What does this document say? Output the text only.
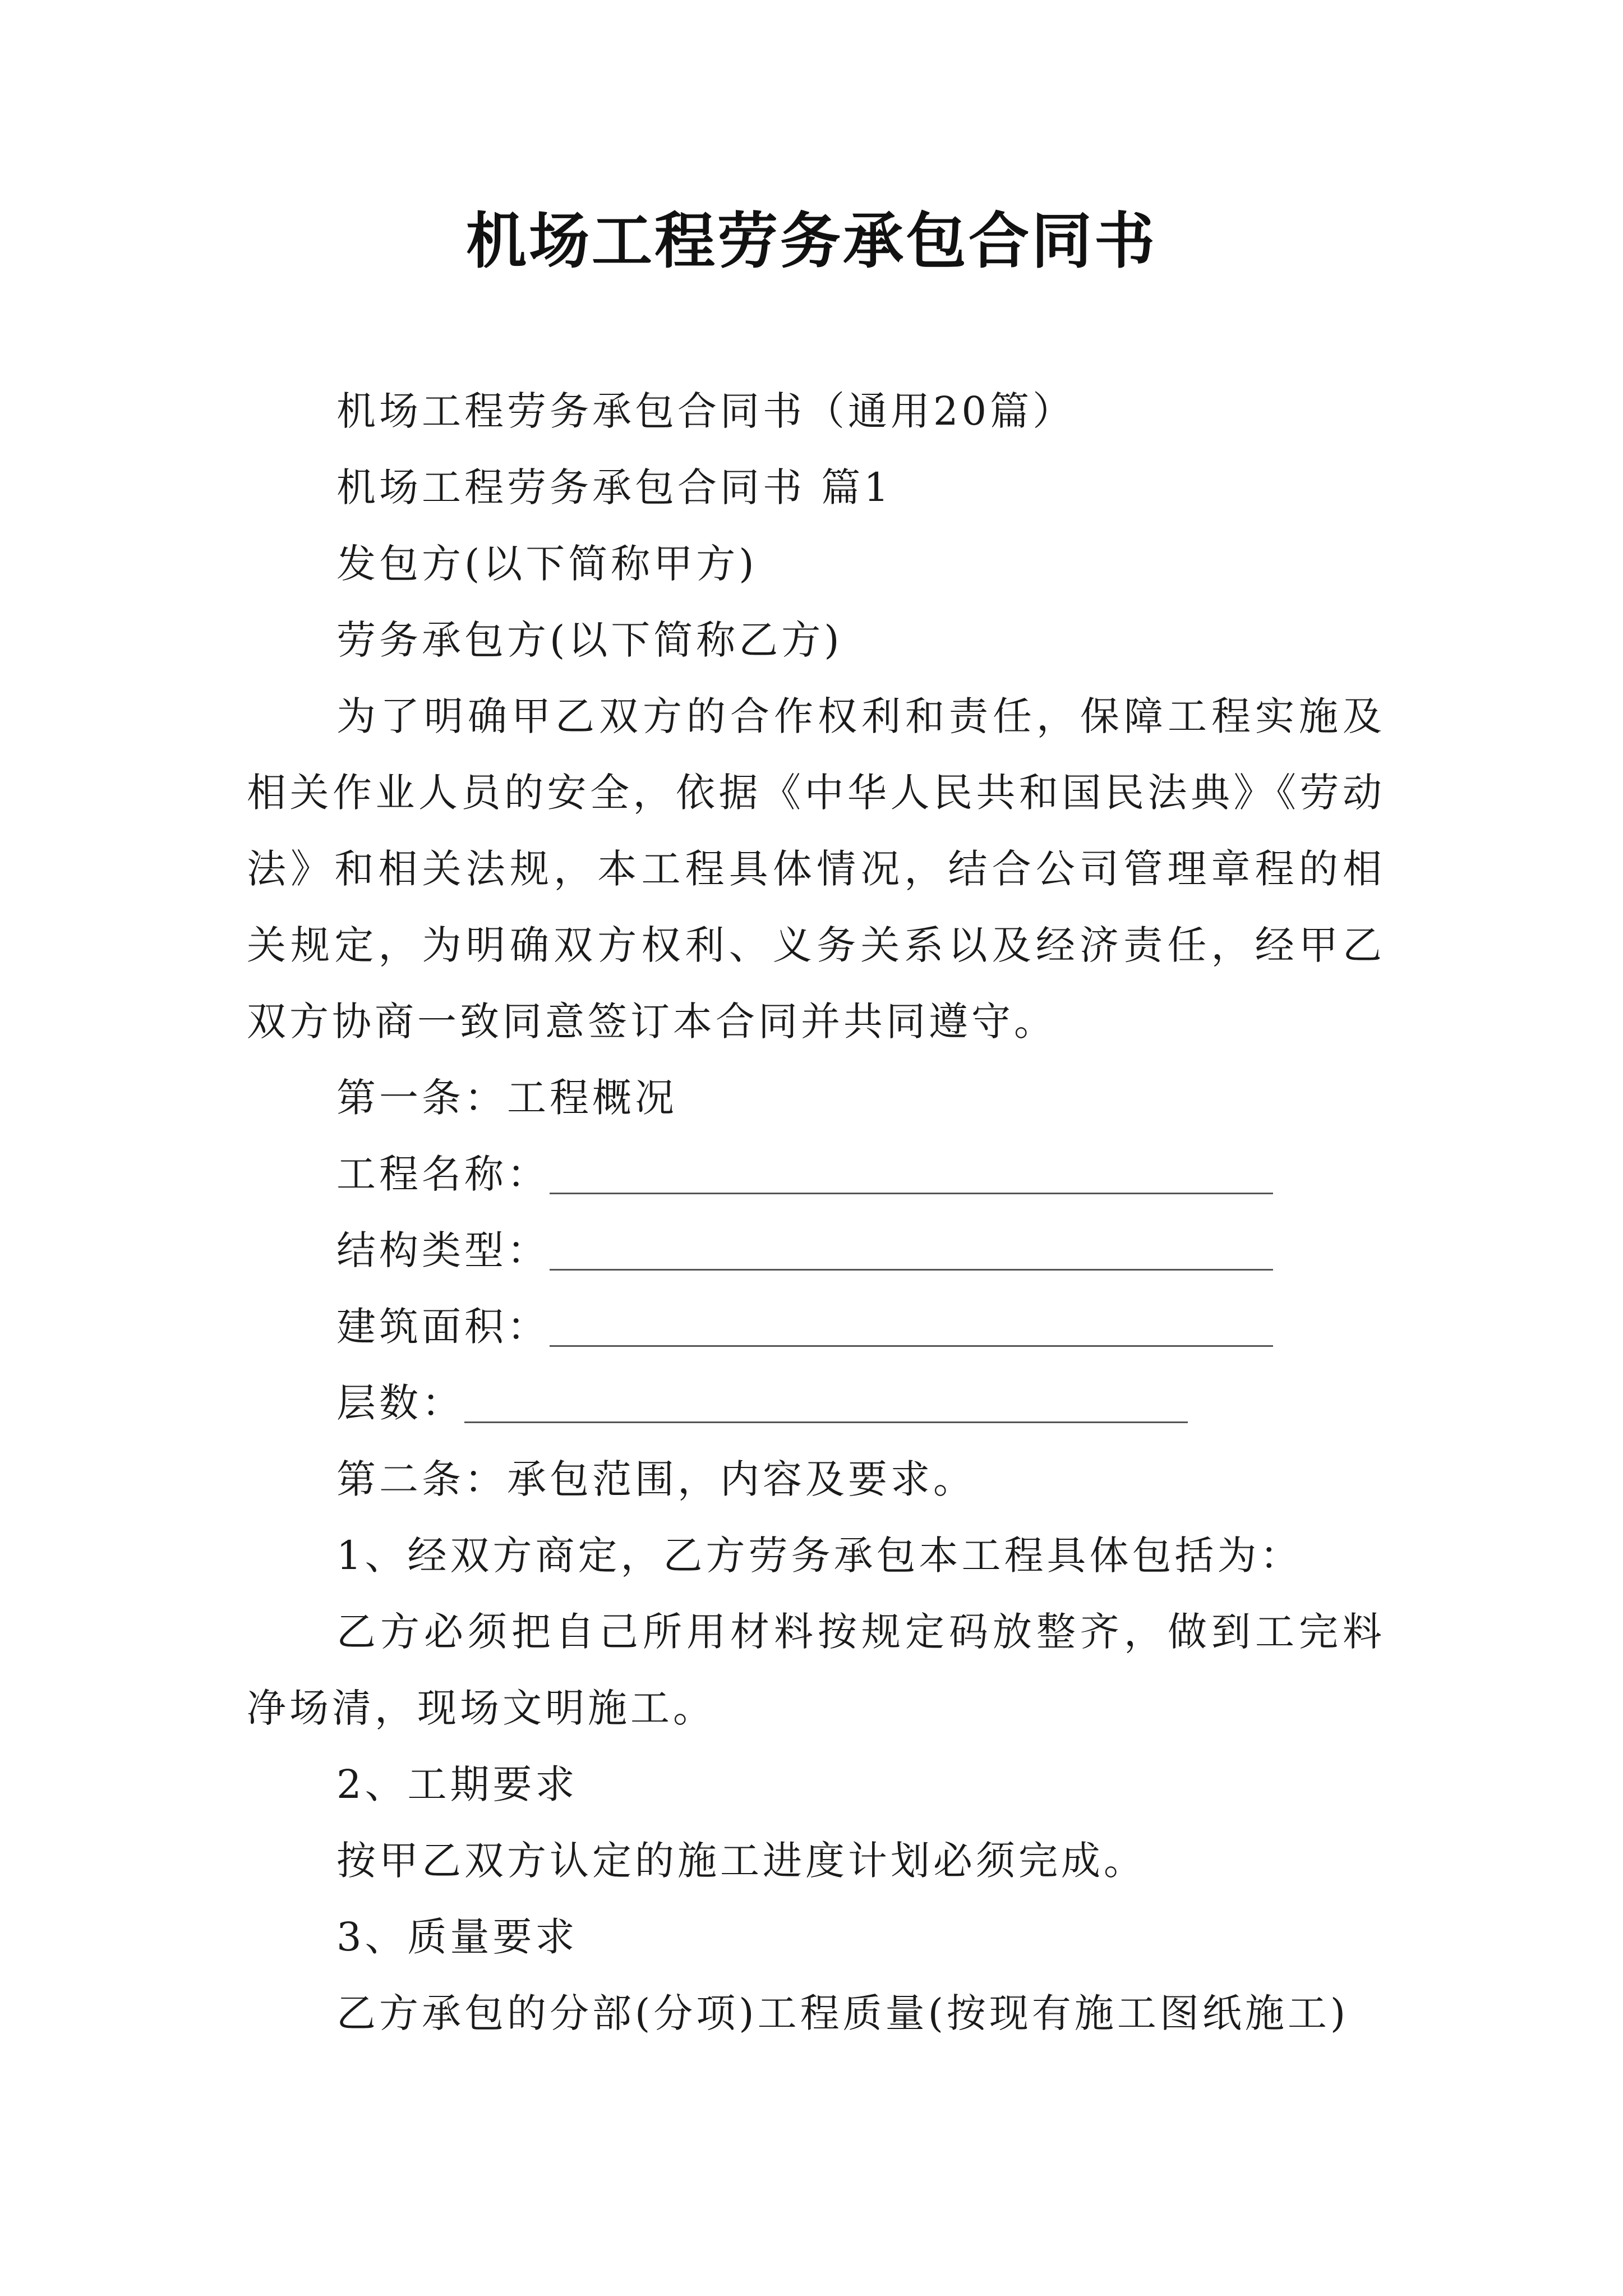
机场工程劳务承包合同书
机场工程劳务承包合同书（通用20篇）
机场工程劳务承包合同书 篇1
发包方(以下简称甲方)
劳务承包方(以下简称乙方)
为了明确甲乙双方的合作权利和责任，保障工程实施及相关作业人员的安全，依据《中华人民共和国民法典》《劳动法》和相关法规，本工程具体情况，结合公司管理章程的相关规定，为明确双方权利、义务关系以及经济责任，经甲乙双方协商一致同意签订本合同并共同遵守。
第一条：工程概况
工程名称：
结构类型：
建筑面积：
层数：
第二条：承包范围，内容及要求。
1、经双方商定，乙方劳务承包本工程具体包括为：
乙方必须把自己所用材料按规定码放整齐，做到工完料净场清，现场文明施工。
2、工期要求
按甲乙双方认定的施工进度计划必须完成。
3、质量要求
乙方承包的分部(分项)工程质量(按现有施工图纸施工)
